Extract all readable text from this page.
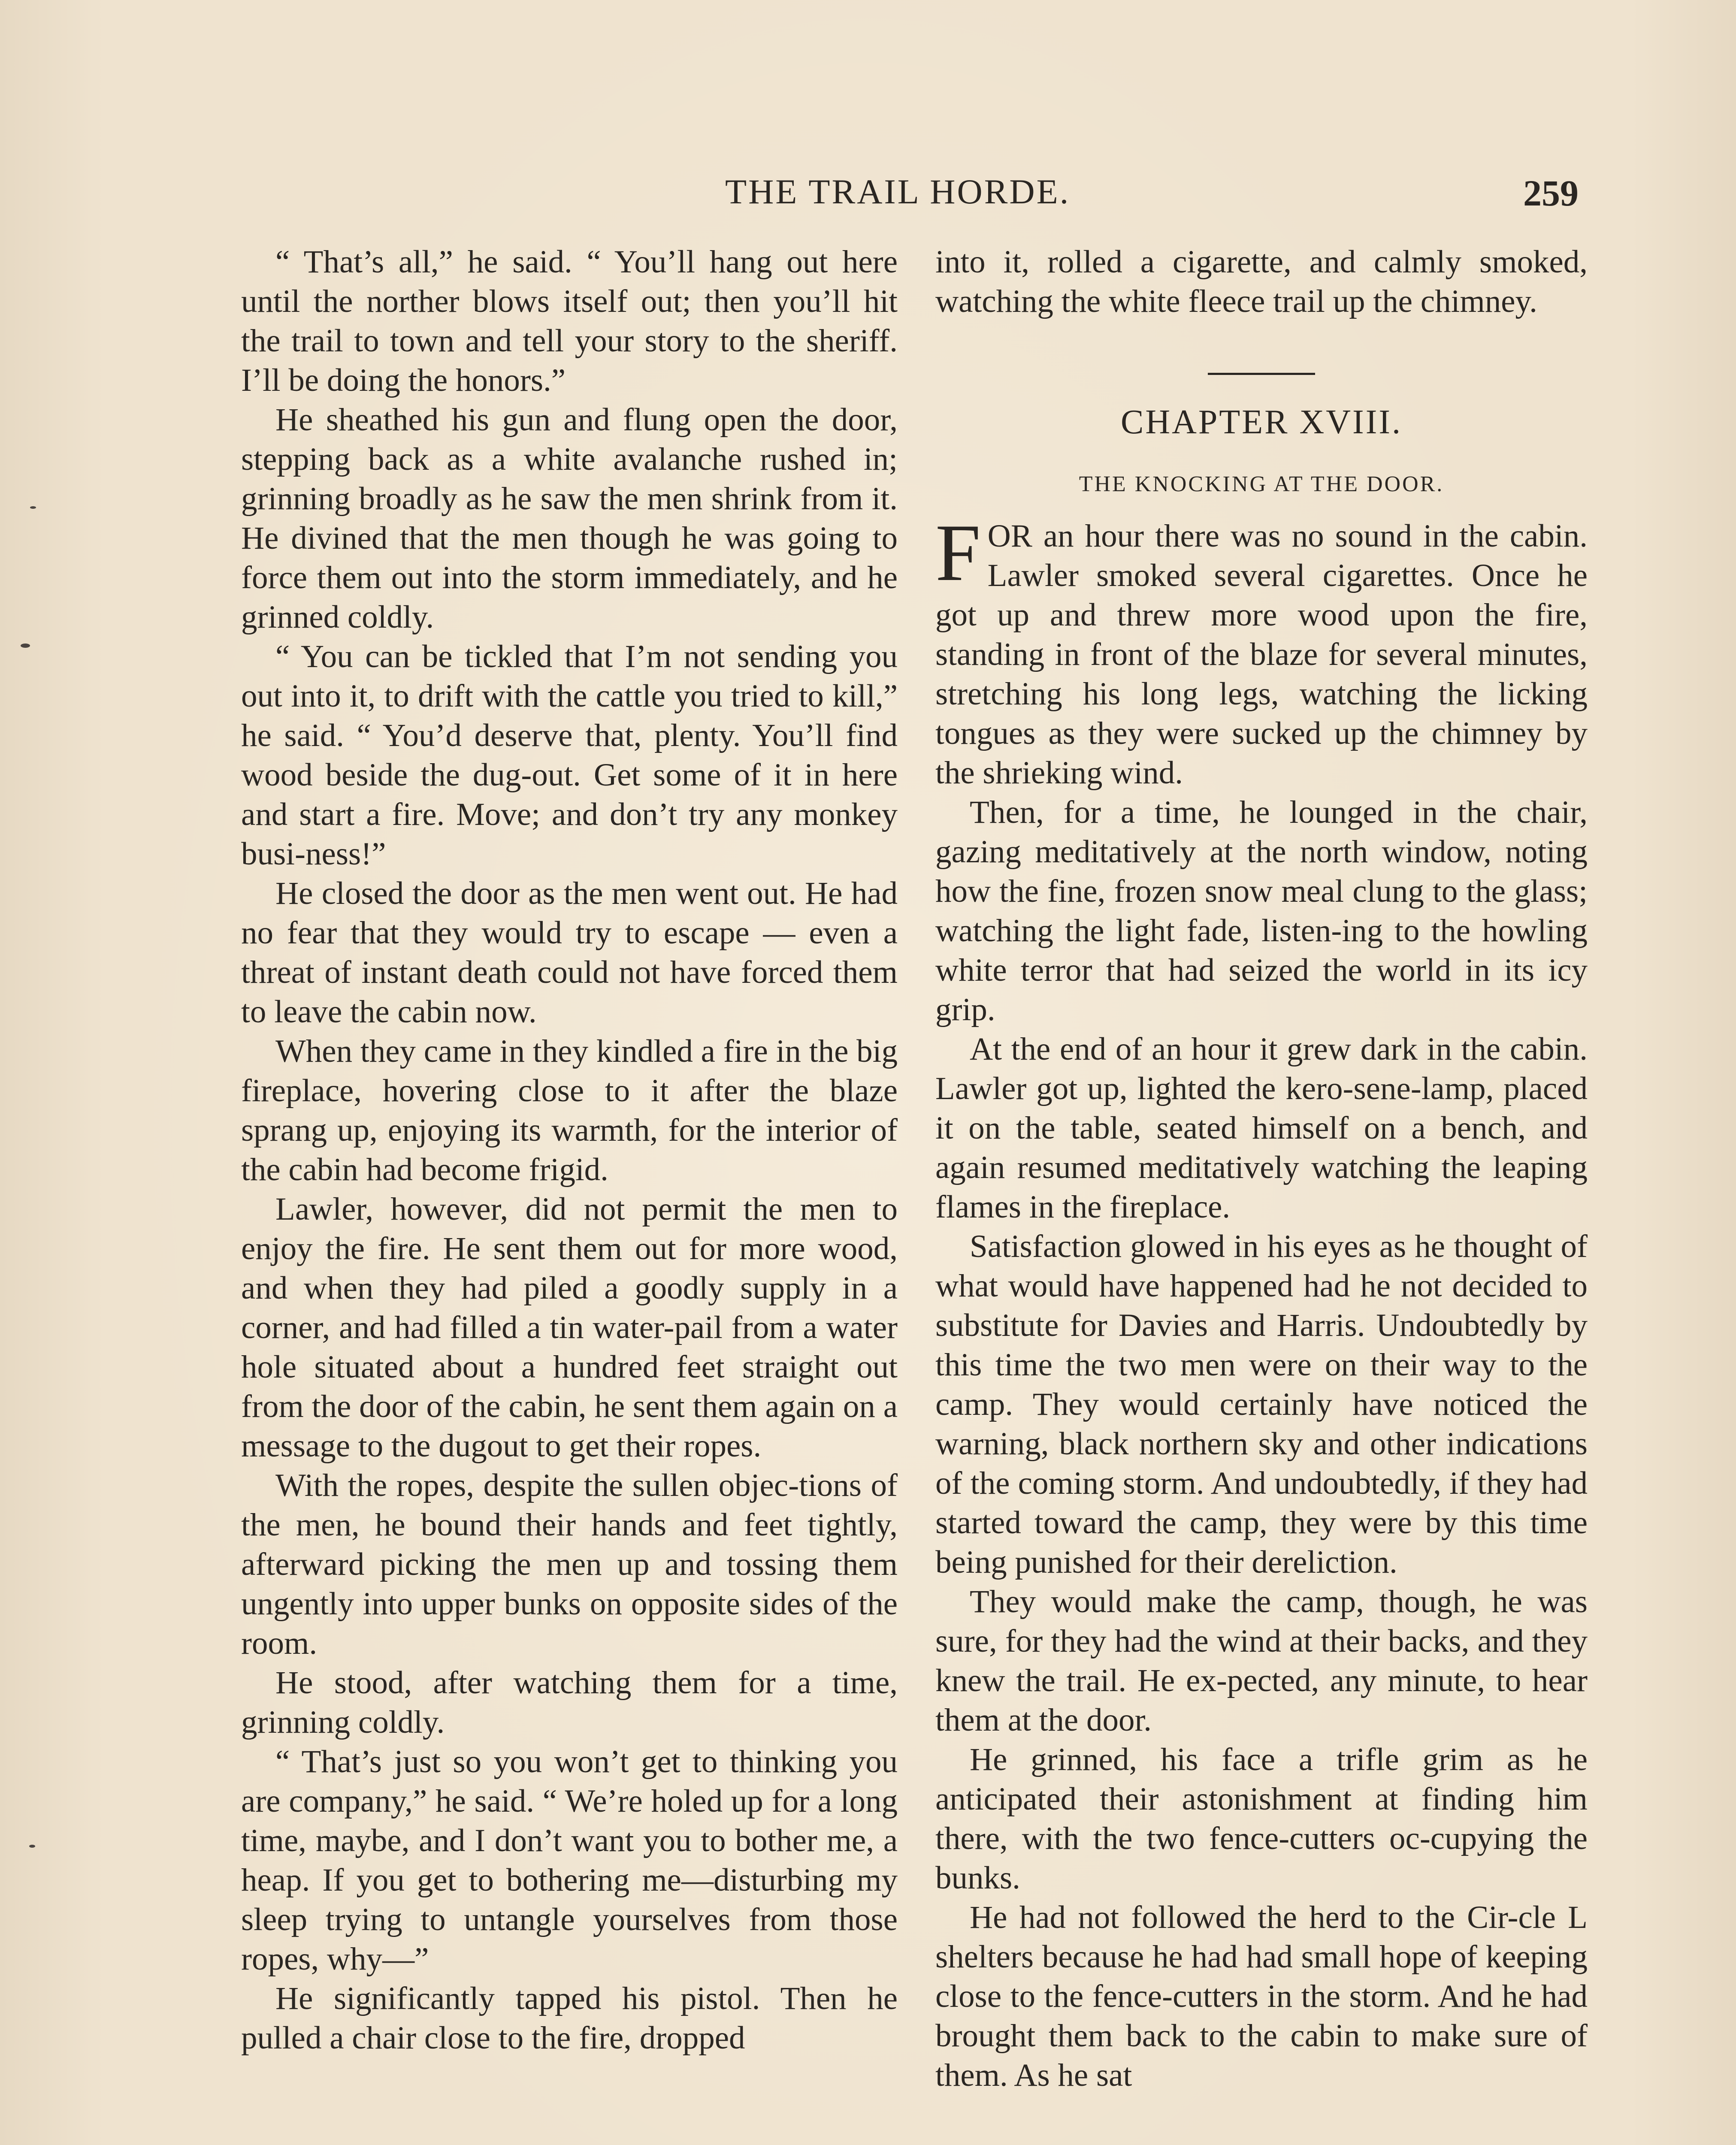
THE TRAIL HORDE.	259

“ That’s all,” he said. “ You’ll hang out here until the norther blows itself out; then you’ll hit the trail to town and tell your story to the sheriff. I’ll be doing the honors.”

He sheathed his gun and flung open the door, stepping back as a white avalanche rushed in; grinning broadly as he saw the men shrink from it. He divined that the men though he was going to force them out into the storm immediately, and he grinned coldly.

“ You can be tickled that I’m not sending you out into it, to drift with the cattle you tried to kill,” he said. “ You’d deserve that, plenty. You’ll find wood beside the dug-out. Get some of it in here and start a fire. Move; and don’t try any monkey busi-ness!”

He closed the door as the men went out. He had no fear that they would try to escape — even a threat of instant death could not have forced them to leave the cabin now.

When they came in they kindled a fire in the big fireplace, hovering close to it after the blaze sprang up, enjoying its warmth, for the interior of the cabin had become frigid.

Lawler, however, did not permit the men to enjoy the fire. He sent them out for more wood, and when they had piled a goodly supply in a corner, and had filled a tin water-pail from a water hole situated about a hundred feet straight out from the door of the cabin, he sent them again on a message to the dugout to get their ropes.

With the ropes, despite the sullen objec-tions of the men, he bound their hands and feet tightly, afterward picking the men up and tossing them ungently into upper bunks on opposite sides of the room.

He stood, after watching them for a time, grinning coldly.

“ That’s just so you won’t get to thinking you are company,” he said. “ We’re holed up for a long time, maybe, and I don’t want you to bother me, a heap. If you get to bothering me—disturbing my sleep trying to untangle yourselves from those ropes, why—”

He significantly tapped his pistol. Then he pulled a chair close to the fire, dropped

into it, rolled a cigarette, and calmly smoked, watching the white fleece trail up the chimney.

CHAPTER XVIII.
THE KNOCKING AT THE DOOR.

FOR an hour there was no sound in the cabin. Lawler smoked several cigarettes. Once he got up and threw more wood upon the fire, standing in front of the blaze for several minutes, stretching his long legs, watching the licking tongues as they were sucked up the chimney by the shrieking wind.

Then, for a time, he lounged in the chair, gazing meditatively at the north window, noting how the fine, frozen snow meal clung to the glass; watching the light fade, listen-ing to the howling white terror that had seized the world in its icy grip.

At the end of an hour it grew dark in the cabin. Lawler got up, lighted the kero-sene-lamp, placed it on the table, seated himself on a bench, and again resumed meditatively watching the leaping flames in the fireplace.

Satisfaction glowed in his eyes as he thought of what would have happened had he not decided to substitute for Davies and Harris. Undoubtedly by this time the two men were on their way to the camp. They would certainly have noticed the warning, black northern sky and other indications of the coming storm. And undoubtedly, if they had started toward the camp, they were by this time being punished for their dereliction.

They would make the camp, though, he was sure, for they had the wind at their backs, and they knew the trail. He ex-pected, any minute, to hear them at the door.

He grinned, his face a trifle grim as he anticipated their astonishment at finding him there, with the two fence-cutters oc-cupying the bunks.

He had not followed the herd to the Cir-cle L shelters because he had had small hope of keeping close to the fence-cutters in the storm. And he had brought them back to the cabin to make sure of them. As he sat
